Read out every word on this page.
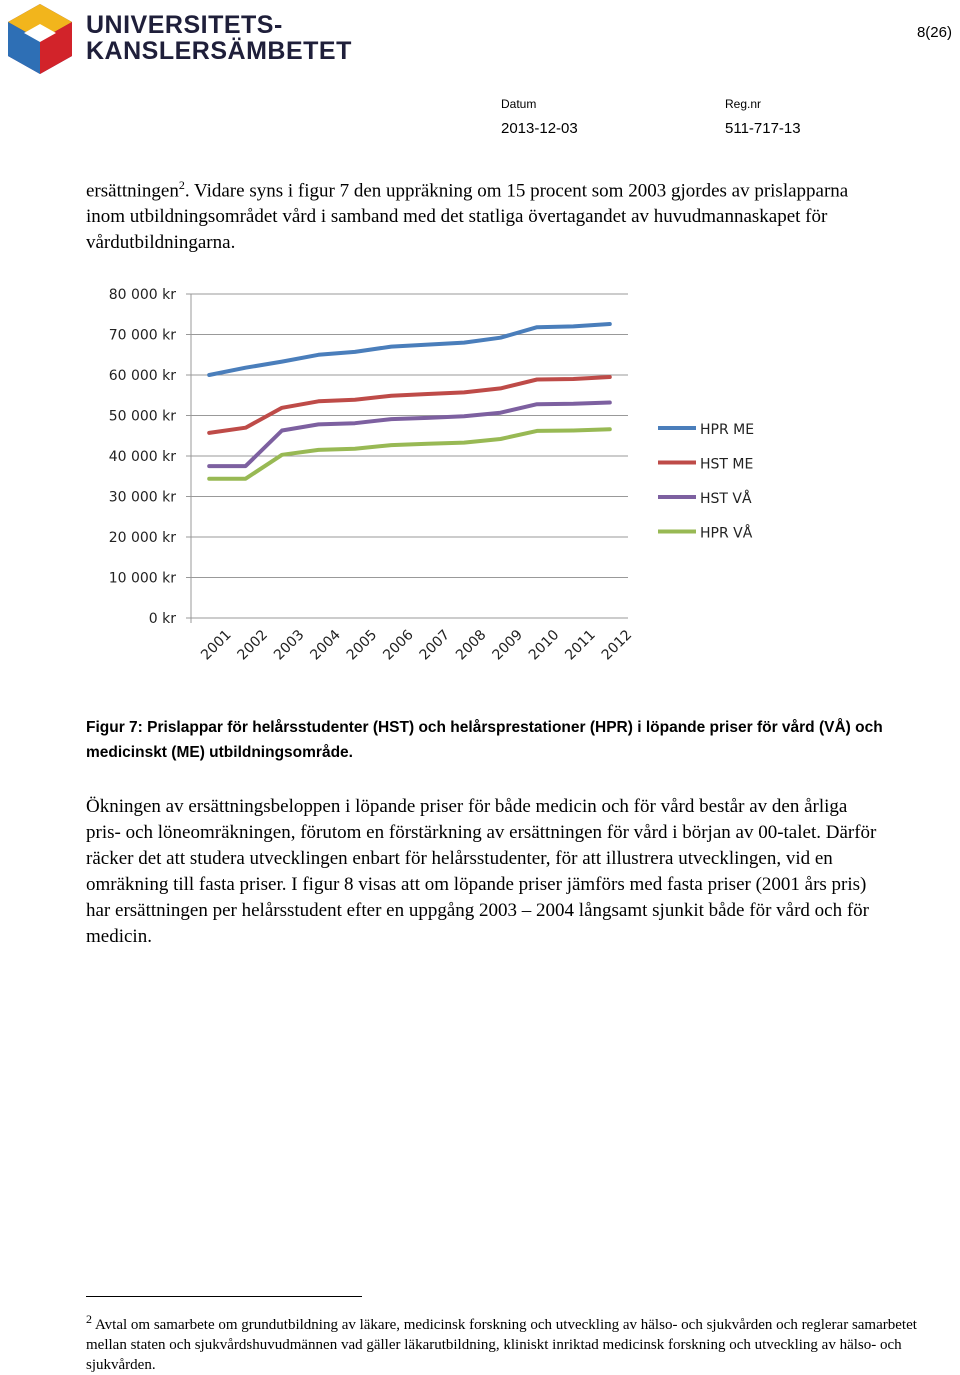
UNIVERSITETS-
KANSLERSÄMBETET
8(26)
Datum
2013-12-03
Reg.nr
511-717-13
ersättningen$^2$. Vidare syns i figur 7 den uppräkning om 15 procent som 2003 gjordes av prislapparna inom utbildningsområdet vård i samband med det statliga övertagandet av huvudmannaskapet för vårdutbildningarna.
0 kr
10 000 kr
20 000 kr
30 000 kr
40 000 kr
50 000 kr
60 000 kr
70 000 kr
80 000 kr
2001 2002 2003 2004 2005 2006 2007 2008 2009 2010 2011 2012
HPR ME
HST ME
HST VÅ
HPR VÅ
Figur 7: Prislappar för helårsstudenter (HST) och helårsprestationer (HPR) i löpande priser för vård (VÅ) och medicinskt (ME) utbildningsområde.
Ökningen av ersättningsbeloppen i löpande priser för både medicin och för vård består av den årliga pris- och löneomräkningen, förutom en förstärkning av ersättningen för vård i början av 00-talet. Därför räcker det att studera utvecklingen enbart för helårsstudenter, för att illustrera utvecklingen, vid en omräkning till fasta priser. I figur 8 visas att om löpande priser jämförs med fasta priser (2001 års pris) har ersättningen per helårsstudent efter en uppgång 2003 – 2004 långsamt sjunkit både för vård och för medicin.
$^2$ Avtal om samarbete om grundutbildning av läkare, medicinsk forskning och utveckling av hälso- och sjukvården och reglerar samarbetet mellan staten och sjukvårdshuvudmännen vad gäller läkarutbildning, kliniskt inriktad medicinsk forskning och utveckling av hälso- och sjukvården.
